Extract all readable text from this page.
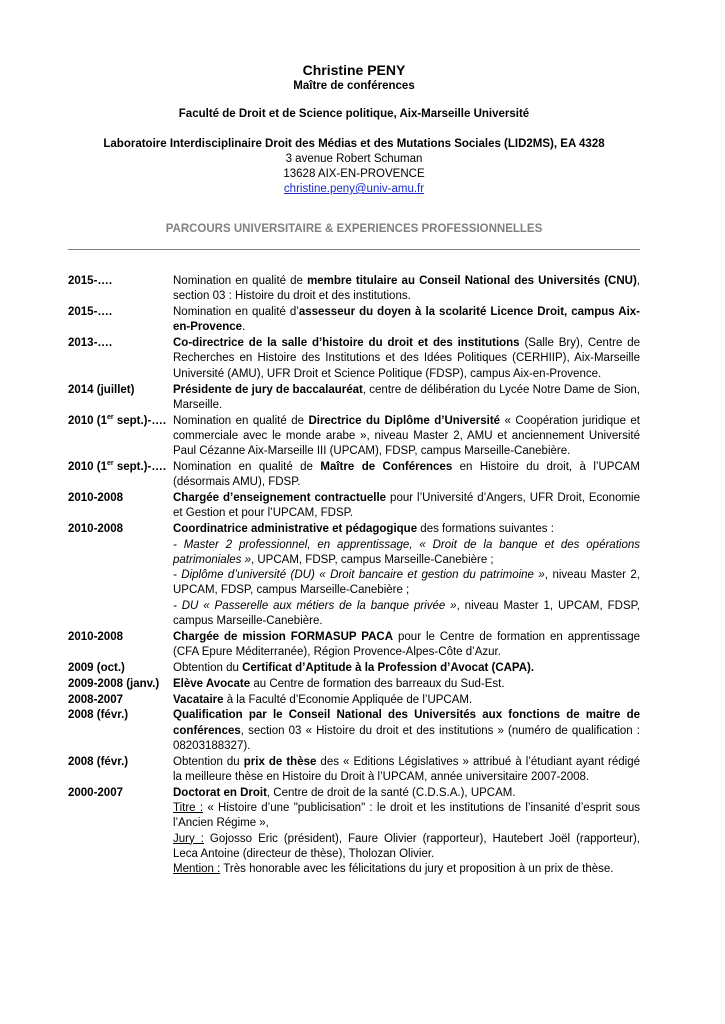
Christine PENY
Maître de conférences
Faculté de Droit et de Science politique, Aix-Marseille Université
Laboratoire Interdisciplinaire Droit des Médias et des Mutations Sociales (LID2MS), EA 4328
3 avenue Robert Schuman
13628 AIX-EN-PROVENCE
christine.peny@univ-amu.fr
PARCOURS UNIVERSITAIRE & EXPERIENCES PROFESSIONNELLES
2015-….	Nomination en qualité de membre titulaire au Conseil National des Universités (CNU), section 03 : Histoire du droit et des institutions.
2015-….	Nomination en qualité d’assesseur du doyen à la scolarité Licence Droit, campus Aix-en-Provence.
2013-….	Co-directrice de la salle d’histoire du droit et des institutions (Salle Bry), Centre de Recherches en Histoire des Institutions et des Idées Politiques (CERHIIP), Aix-Marseille Université (AMU), UFR Droit et Science Politique (FDSP), campus Aix-en-Provence.
2014 (juillet)	Présidente de jury de baccalauréat, centre de délibération du Lycée Notre Dame de Sion, Marseille.
2010 (1er sept.)-…. Nomination en qualité de Directrice du Diplôme d’Université « Coopération juridique et commerciale avec le monde arabe », niveau Master 2, AMU et anciennement Université Paul Cézanne Aix-Marseille III (UPCAM), FDSP, campus Marseille-Canebière.
2010 (1er sept.)-…. Nomination en qualité de Maître de Conférences en Histoire du droit, à l’UPCAM (désormais AMU), FDSP.
2010-2008	Chargée d’enseignement contractuelle pour l’Université d’Angers, UFR Droit, Economie et Gestion et pour l’UPCAM, FDSP.
2010-2008	Coordinatrice administrative et pédagogique des formations suivantes :
- Master 2 professionnel, en apprentissage, « Droit de la banque et des opérations patrimoniales », UPCAM, FDSP, campus Marseille-Canebière ;
- Diplôme d’université (DU) « Droit bancaire et gestion du patrimoine », niveau Master 2, UPCAM, FDSP, campus Marseille-Canebière ;
- DU « Passerelle aux métiers de la banque privée », niveau Master 1, UPCAM, FDSP, campus Marseille-Canebière.
2010-2008	Chargée de mission FORMASUP PACA pour le Centre de formation en apprentissage (CFA Epure Méditerranée), Région Provence-Alpes-Côte d’Azur.
2009 (oct.)	Obtention du Certificat d’Aptitude à la Profession d’Avocat (CAPA).
2009-2008 (janv.)	Elève Avocate au Centre de formation des barreaux du Sud-Est.
2008-2007	Vacataire à la Faculté d’Economie Appliquée de l’UPCAM.
2008 (févr.)	Qualification par le Conseil National des Universités aux fonctions de maitre de conférences, section 03 « Histoire du droit et des institutions » (numéro de qualification : 08203188327).
2008 (févr.)	Obtention du prix de thèse des « Editions Législatives » attribué à l’étudiant ayant rédigé la meilleure thèse en Histoire du Droit à l’UPCAM, année universitaire 2007-2008.
2000-2007	Doctorat en Droit, Centre de droit de la santé (C.D.S.A.), UPCAM.
Titre : « Histoire d’une "publicisation" : le droit et les institutions de l’insanité d’esprit sous l’Ancien Régime »,
Jury : Gojosso Eric (président), Faure Olivier (rapporteur), Hautebert Joël (rapporteur), Leca Antoine (directeur de thèse), Tholozan Olivier.
Mention : Très honorable avec les félicitations du jury et proposition à un prix de thèse.
